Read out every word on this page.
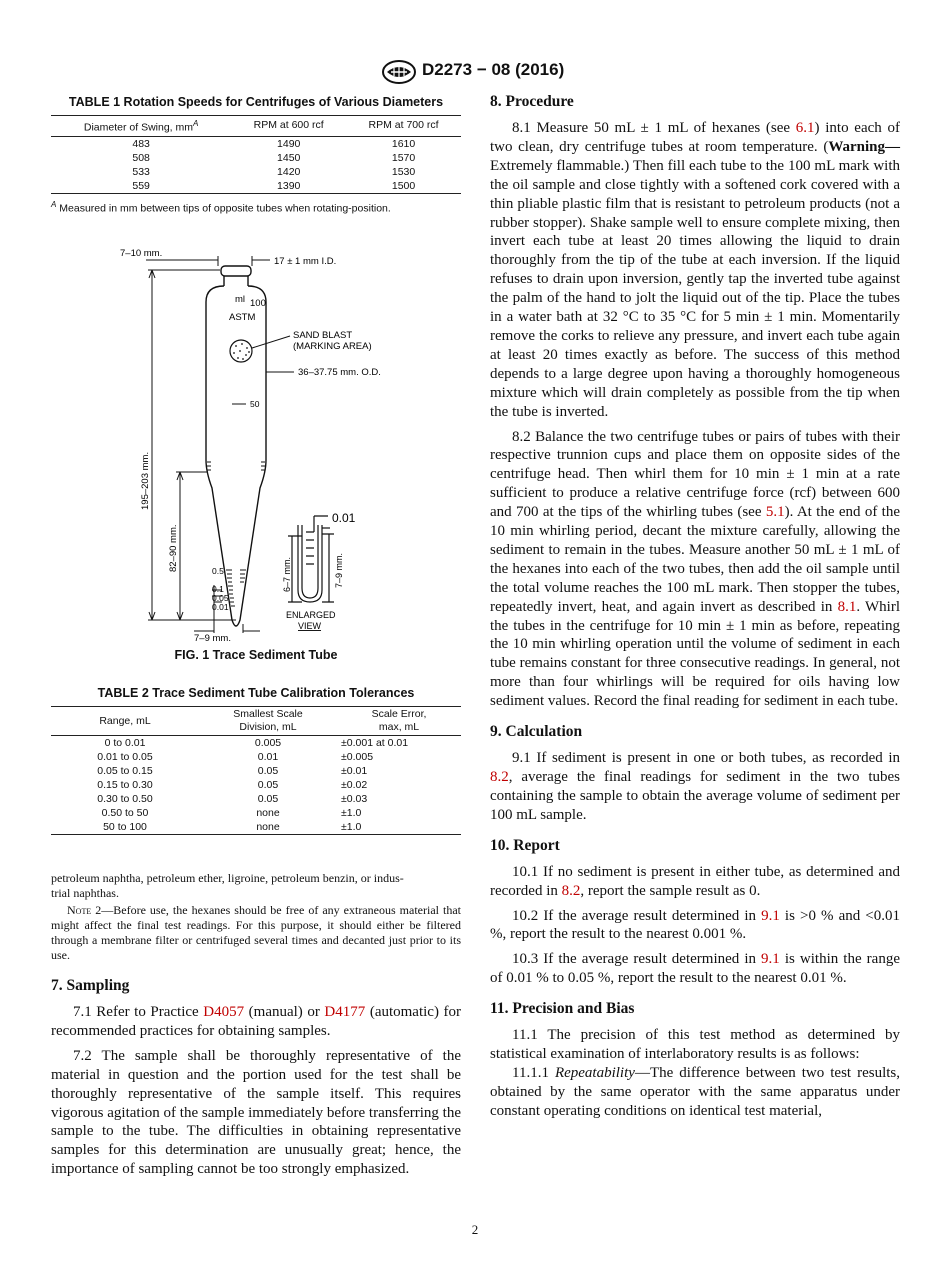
D2273 − 08 (2016)
TABLE 1 Rotation Speeds for Centrifuges of Various Diameters
Diameter of Swing, $mm^A$	RPM at 600 rcf	RPM at 700 rcf
483	1490	1610
508	1450	1570
533	1420	1530
559	1390	1500
$^A$ Measured in mm between tips of opposite tubes when rotating-position.
7–10 mm.
17 ± 1 mm I.D.
ml 100
ASTM
SAND BLAST
(MARKING AREA)
36–37.75 mm. O.D.
50
195–203 mm.
82–90 mm.	0.5
0.1
0.05
0.01
7–9 mm.
0.01
6–7 mm.	7–9 mm.
ENLARGED
VIEW
FIG. 1 Trace Sediment Tube
TABLE 2 Trace Sediment Tube Calibration Tolerances
Range, mL	Smallest Scale
Division, mL	Scale Error,
max, mL
0 to 0.01	0.005	±0.001 at 0.01
0.01 to 0.05	0.01	±0.005
0.05 to 0.15	0.05	±0.01
0.15 to 0.30	0.05	±0.02
0.30 to 0.50	0.05	±0.03
0.50 to 50	none	±1.0
50 to 100	none	±1.0
petroleum naphtha, petroleum ether, ligroine, petroleum benzin, or indus-
trial naphthas.
Note 2—Before use, the hexanes should be free of any extraneous material that might affect the final test readings. For this purpose, it should either be filtered through a membrane filter or centrifuged several times and decanted just prior to its use.
7. Sampling

7.1 Refer to Practice D4057 (manual) or D4177 (automatic) for recommended practices for obtaining samples.

7.2 The sample shall be thoroughly representative of the material in question and the portion used for the test shall be thoroughly representative of the sample itself. This requires vigorous agitation of the sample immediately before transferring the sample to the tube. The difficulties in obtaining representative samples for this determination are unusually great; hence, the importance of sampling cannot be too strongly emphasized.

8. Procedure

8.1 Measure 50 mL ± 1 mL of hexanes (see 6.1) into each of two clean, dry centrifuge tubes at room temperature. (Warning—Extremely flammable.) Then fill each tube to the 100 mL mark with the oil sample and close tightly with a softened cork covered with a thin pliable plastic film that is resistant to petroleum products (not a rubber stopper). Shake sample well to ensure complete mixing, then invert each tube at least 20 times allowing the liquid to drain thoroughly from the tip of the tube at each inversion. If the liquid refuses to drain upon inversion, gently tap the inverted tube against the palm of the hand to jolt the liquid out of the tip. Place the tubes in a water bath at 32 °C to 35 °C for 5 min ± 1 min. Momentarily remove the corks to relieve any pressure, and invert each tube again at least 20 times exactly as before. The success of this method depends to a large degree upon having a thoroughly homogeneous mixture which will drain completely as possible from the tip when the tube is inverted.

8.2 Balance the two centrifuge tubes or pairs of tubes with their respective trunnion cups and place them on opposite sides of the centrifuge head. Then whirl them for 10 min ± 1 min at a rate sufficient to produce a relative centrifuge force (rcf) between 600 and 700 at the tips of the whirling tubes (see 5.1). At the end of the 10 min whirling period, decant the mixture carefully, allowing the sediment to remain in the tubes. Measure another 50 mL ± 1 mL of the hexanes into each of the two tubes, then add the oil sample until the total volume reaches the 100 mL mark. Then stopper the tubes, repeatedly invert, heat, and again invert as described in 8.1. Whirl the tubes in the centrifuge for 10 min ± 1 min as before, repeating the 10 min whirling operation until the volume of sediment in each tube remains constant for three consecutive readings. In general, not more than four whirlings will be required for oils having low sediment values. Record the final reading for sediment in each tube.

9. Calculation

9.1 If sediment is present in one or both tubes, as recorded in 8.2, average the final readings for sediment in the two tubes containing the sample to obtain the average volume of sediment per 100 mL sample.

10. Report

10.1 If no sediment is present in either tube, as determined and recorded in 8.2, report the sample result as 0.

10.2 If the average result determined in 9.1 is >0 % and <0.01 %, report the result to the nearest 0.001 %.

10.3 If the average result determined in 9.1 is within the range of 0.01 % to 0.05 %, report the result to the nearest 0.01 %.

11. Precision and Bias

11.1 The precision of this test method as determined by statistical examination of interlaboratory results is as follows:

11.1.1 Repeatability—The difference between two test results, obtained by the same operator with the same apparatus under constant operating conditions on identical test material,

2
